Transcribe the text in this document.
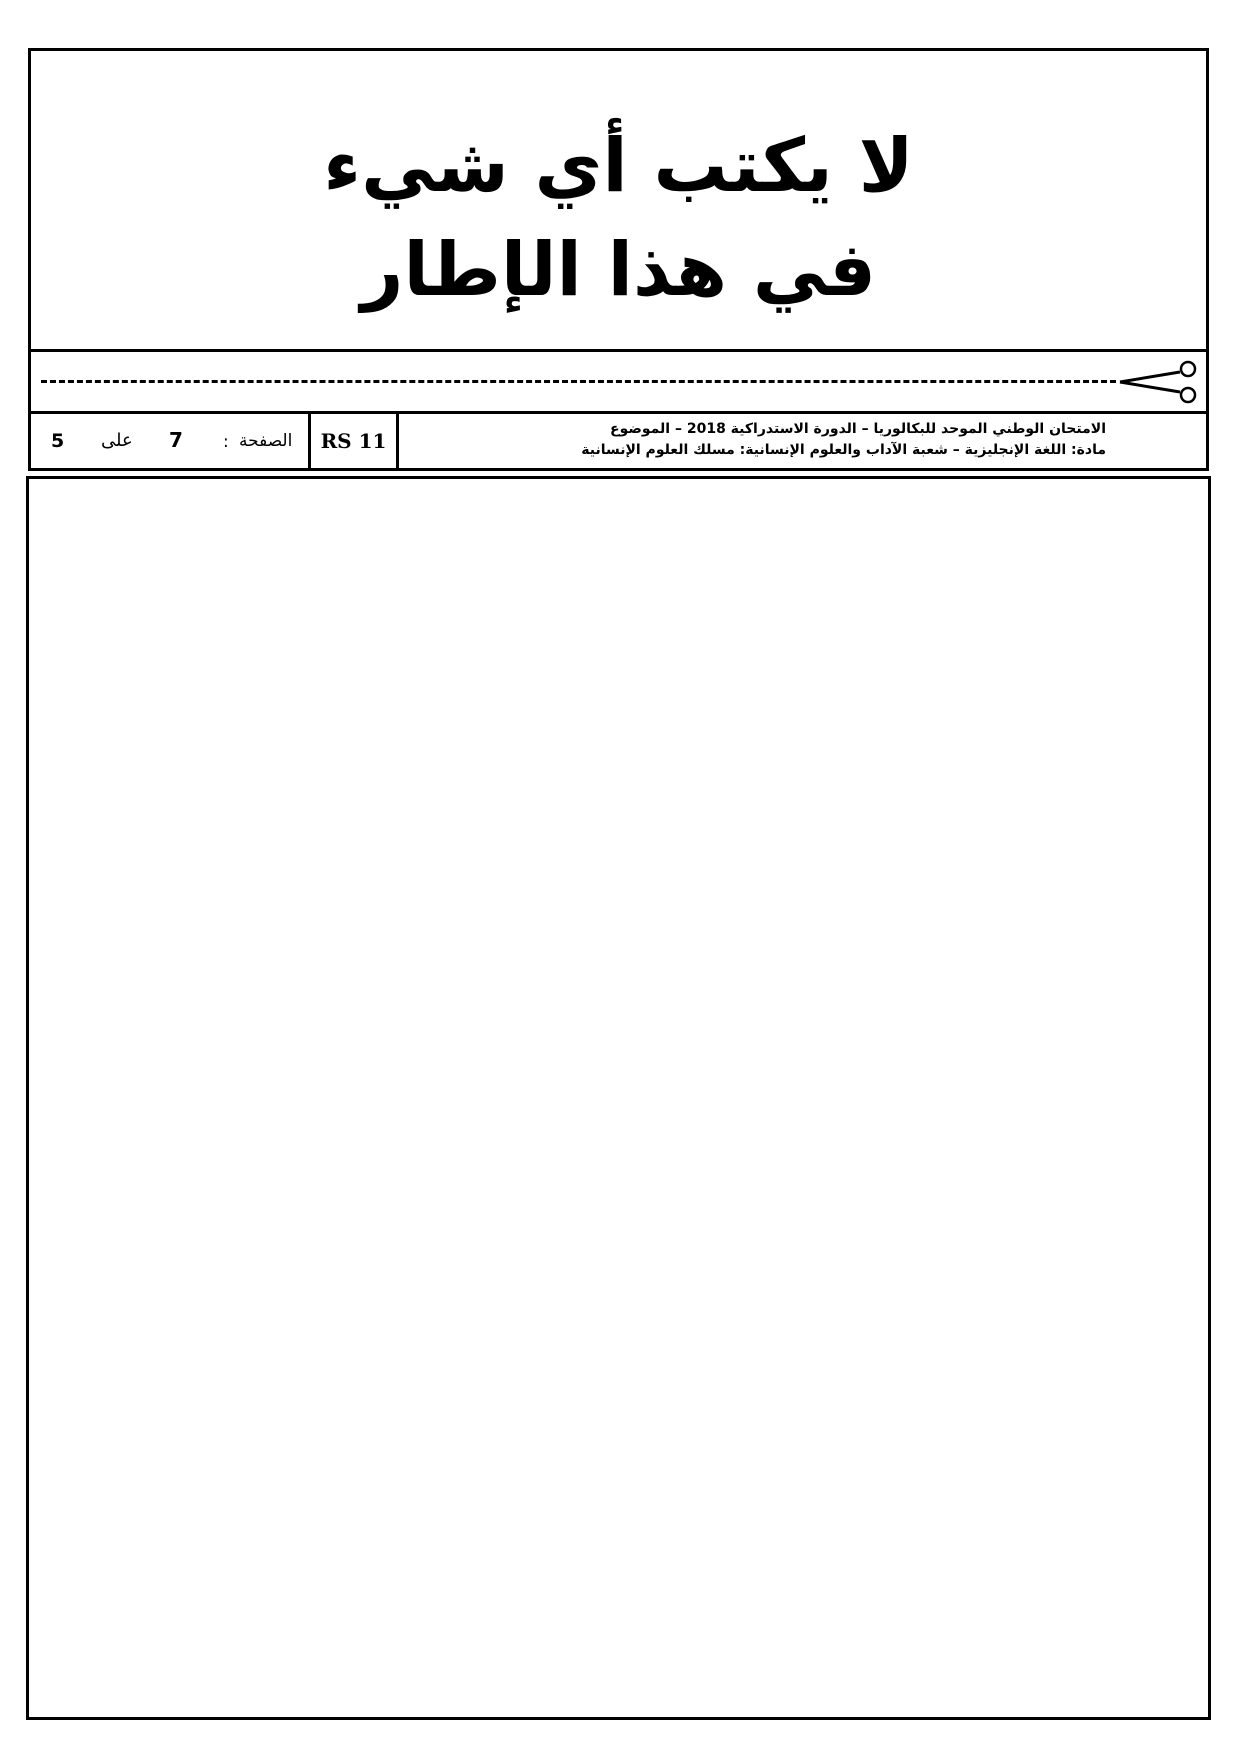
لا يكتب أي شيء
في هذا الإطار
5 على 7 : الصفحة	RS 11	الامتحان الوطني الموحد للبكالوريا – الدورة الاستدراكية 2018 – الموضوع
مادة: اللغة الإنجليزية – شعبة الآداب والعلوم الإنسانية: مسلك العلوم الإنسانية
